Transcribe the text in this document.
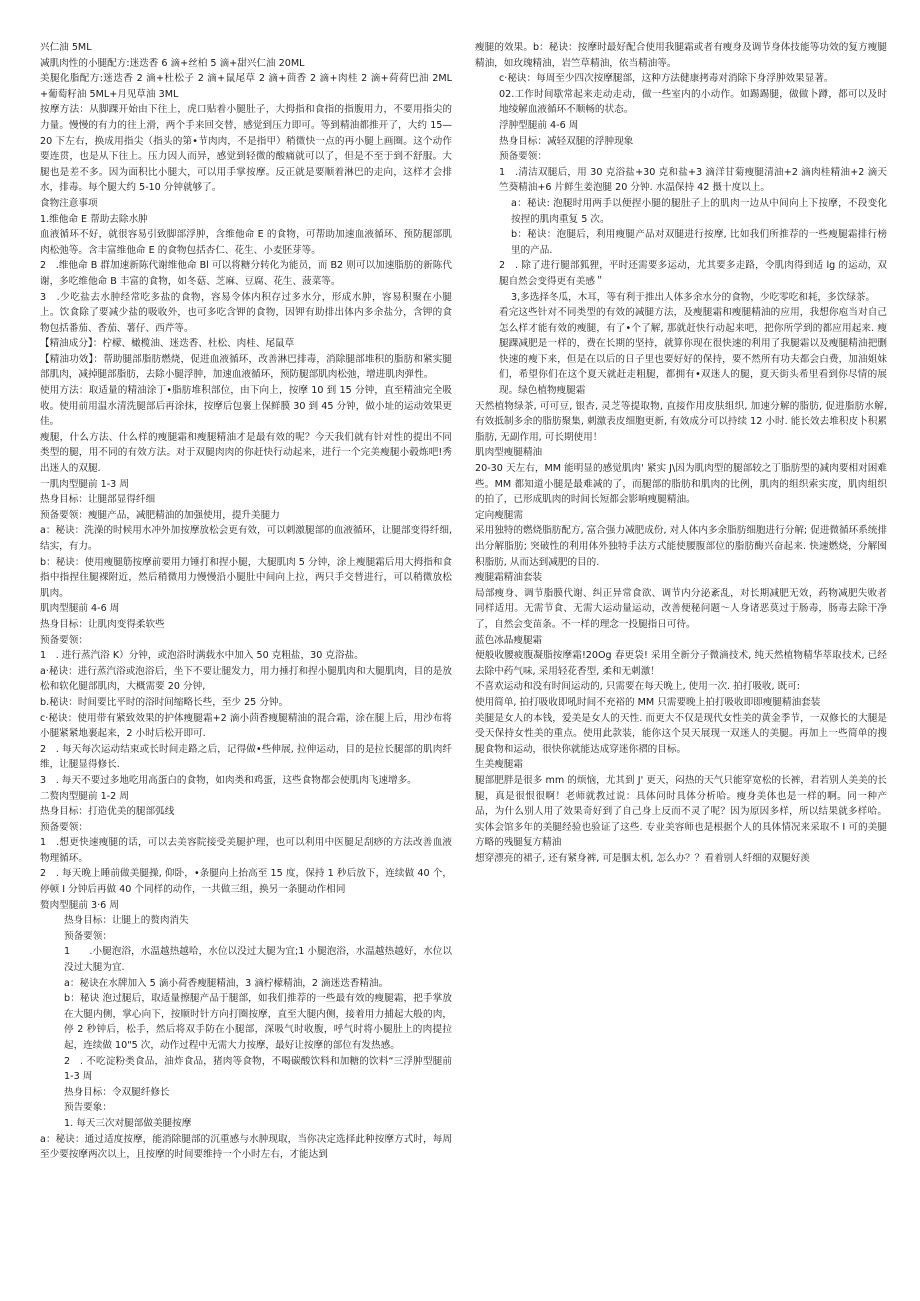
兴仁油 5ML

减肌肉性的小腿配方:迷迭香 6 滴+丝柏 5 滴+甜兴仁油 20ML

美腿化脂配方:迷迭香 2 滴+杜松子 2 滴+鼠尾草 2 滴+茴香 2 滴+肉桂 2 滴+荷荷巴油 2ML+葡萄籽油 5ML+月见草油 3ML

按摩方法：从脚踝开始由下往上，虎口贴着小腿肚子，大拇指和食指的指腹用力，不要用指尖的力量。慢慢的有力的往上滑，两个手来回交替，感觉到压力即可。等到精油都推开了，大约 15—20 下左右，换成用指尖（指头的第•节肉肉，不是指甲）稍微快一点的再小腿上画圈。这个动作要连贯，也是从下往上。压力因人而异，感觉到轻微的酸痛就可以了，但是不至于到不舒服。大腿也是差不多。因为面积比小腿大，可以用手掌按摩。反正就是要顺着淋巴的走向，这样才会排水，排毒。每个腿大约 5-10 分钟就够了。

食物注意事项

1.维他命 E 帮助去除水肿

血液循环不好，就很容易引致脚部浮肿，含维他命 E 的食物，可帮助加速血液循环、预防腿部肌肉松弛等。含丰富维他命 E 的食物包括杏仁、花生、小麦胚芽等。

2　.维他命 B 群加速新陈代谢维他命 Bl 可以将糖分转化为能员，而 B2 则可以加速脂肪的新陈代谢，多吃维他命 B 丰富的食物，如冬菇、芝麻、豆腐、花生、菠菜等。

3　.少吃盐去水肿经常吃多盐的食物，容易令体内积存过多水分，形成水肿，容易积聚在小腿上。饮食除了要减少盐的吸收外，也可多吃含钾的食物，因钾有助排出体内多余盐分，含钾的食物包括番茄、香茄、薯仔、西芹等。

【精油成分】：柠檬、橄榄油、迷迭香、杜松、肉桂、尾鼠草

【精油功效】：帮助腿部脂肪燃烧，促进血液循环，改善淋巴排毒，消除腿部堆积的脂肪和紧实腿部肌肉，减掉腿部脂肪，去除小腿浮肿，加速血液循环，预防腿部肌肉松弛，增进肌肉弹性。

使用方法：取适量的精油涂丁•脂肪堆积部位，由下向上，按摩 10 到 15 分钟，直至精油完全吸收。使用前用温水清洗腿部后再涂抹，按摩后包裹上保鲜膜 30 到 45 分钟，做小址的运动效果更佳。

瘦腿，什么方法、什么样的瘦腿霜和瘦腿精油才是最有效的呢？今天我们就有针对性的提出不同类型的腿，用不同的有效方法。对于双腿肉肉的你赶快行动起来，进行一个完美瘦腿小毂炼吧!秀出迷人的双腿.

一肌肉型腿前 1-3 周

热身目标：让腿部显得纤细

预备要领：瘦腿产品，减肥精油的加强使用，提升美腿力

a：秘诀：洗澡的时候用水冲外加按摩放松会更有效，可以刺激腿部的血液循环，让腿部变得纤细, 结实，有力。

b：秘诀：使用瘦腿筋按摩前要用力锤打和捏小腿，大腿肌肉 5 分钟，涂上瘦腿霜后用大拇指和食指中指捏住腿裸附近，然后稍微用力慢慢沿小腿肚中间向上拉，两只手交替进行，可以稍微放松肌肉。

肌肉型腿前 4-6 周

热身目标：让肌肉变得柔软些

预备要领：

1　. 进行蒸汽浴 K）分钟，或泡浴时满载水中加入 50 克粗盐，30 克浴盐。

a·秘诀：进行蒸汽浴或泡浴后，坐下不要让腿发力，用力捶打和捏小腿肌肉和大腿肌肉，目的是放松和软化腿部肌肉，大概需要 20 分钟,

b.秘诀：时间要比平时的浴时间缩略长些，至少 25 分钟。

c·秘诀：使用带有紧致效果的护体瘦腿霜+2 滴小茴香瘦腿精油的混合霜，涂在腿上后，用沙布将小腿紧紧地裹起来，2 小时后松开即可.

2　. 每天每次运动结束或长时间走路之后，记得做•些伸展, 拉伸运动，目的是拉长腿部的肌肉纤维，让腿显得修长.

3　. 每天不要过多地吃用高蛋白的食物，如肉类和鸡蛋，这些食物都会使肌肉飞速增多。

二赘肉型腿前 1-2 周

热身目标：打造优美的腿部弧线

预备要领：

1　.想更快速瘦腿的话，可以去美容院接受美腿护理，也可以利用中医腿足刮痧的方法改善血液物理循环。

2　. 每天晚上睡前做美腿操, 仰卧，•条腿向上抬高至 15 度，保持 1 秒后放下，连续做 40 个，停顿 I 分钟后再做 40 个同样的动作，一共做三组，换另一条腿动作相同

赘肉型腿前 3·6 周

热身目标：让腿上的赘肉消失

预备要领：

1　　.小腿泡浴，水温越热越哈，水位以没过大腿为宜;1 小腿泡浴，水温越热越好，水位以没过大腿为宜.

a：秘诀在水牌加入 5 滴小荷香瘦腿精油，3 滴柠檬精油，2 滴迷迭香精油。

b：秘诀 泡过腿后，取适量擦腿产品于腿部，如我们推荐的一些最有效的瘦腿霜，把手掌放在大腿内侧，掌心向下，按顺时针方向打圈按摩，直至大腿内侧，接着用力捕起大般的肉，停 2 秒钟后，松手，然后将双手防在小腿部，深吸气时收腹，呼气时将小腿肚上的肉提拉起，连续做 10"5 次，动作过程中无需大力按摩，最好让按摩的部位有发热感。

2　. 不吃淀粉类食品，油炸食品，猪肉等食物，不喝碳酸饮料和加糖的饮料“三浮肿型腿前 1-3 周

热身目标：令双腿纤修长

预告要象：

1. 每天三次对腿部做美腿按摩

a：秘诀：通过适度按摩，能消除腿部的沉重感与水肿现取，当你决定选择此种按摩方式时，每周至少要按摩两次以上，且按摩的时间要维持一个小时左右，才能达到

瘦腿的效果。b：秘诀：按摩时最好配合使用我腿霜或者有瘦身及调节身体技能等功效的复方瘦腿精油，如玫瑰精油，岩竺草精油，依当精油等。

c·秘诀：每周至少四次按摩腿部，这种方法健康拷毒对消除下身浮肿效果显著。

02.工作时间歇常起来走动走动，做一些室内的小动作。如踢踢腿，做做卜蹲，都可以及时地绫解血液循环不顺畅的状态。

浮肿型腿前 4-6 周

热身目标：减轻双腿的浮肿现象

预备要领：

1　.清洁双腿后，用 30 克浴盐+30 克和盐+3 滴洋甘菊瘦腿清油+2 滴肉桂精油+2 滴天竺葵精油+6 片鲜生姜泡腿 20 分钟. 水温保持 42 摄十度以上。

a：秘诀: 泡腿时用两手以便捏小腿的腿肚子上的肌肉一边从中间向上下按摩，不段变化按捏的肌肉重复 5 次。

b：秘诀：泡腿后，利用瘦腿产品对双腿进行按摩, 比如我们所推荐的一些瘦腿霜排行榜里的产品.

2　. 除了进行腿部狐狸，平时还需要多运动，尤其要多走路，令肌肉得到适 lg 的运动，双腿自然会变得更有美感＂

3,多选择冬瓜，木耳，等有利于推出人体多余水分的食物，少吃零吃和耗，多饮绿茶。

看完这些针对不同类型的有效的减腿方法，及瘦腿霜和瘦腿精油的应用，我想你庖当对自己怎么样才能有效的瘦腿，有了•个了解, 那就赶快行动起来吧，把你所学到的都应用起来. 瘦腿踝减肥是一样的，费在长期的坚持，就算你现在很快速的利用了我腿霜以及瘦腿精油把删快速的瘦下来，但是在以后的日子里也要好好的保持，要不然所有功夫都会白费，加油姐妹们，希望你们在这个夏天就赶走粗腿，都拥有•双迷人的腿，夏天街头希里看到你尽情的展现。绿色植物瘦腿霜

天然植物绿茶, 可可豆, 银杏, 灵芝等提取物, 直接作用皮肤组织, 加速分解的脂肪, 促进脂肪水解, 有效抵制多余的脂肪聚集, 刺激表皮细胞更新, 有效成分可以持续 12 小时. 能长效去堆积皮卜积累脂肪, 无副作用, 可长期使用！

肌肉型瘦腿精油

20-30 天左右，MM 能明显的感觉肌肉' 紧实 J\因为肌肉型的腿部较之丁脂肪型的减肉要相对困难些。MM 都知道小腿是最难减的了，而腿部的脂肪和肌肉的比例，肌肉的组织索实度，肌肉组织的拍了，已形成肌肉的时间长短都会影响瘦腿精油。

定向瘦腿需

采用独特的燃烧脂肪配方, 富合强力减肥成份, 对人体内多余脂肪细胞进行分解; 促进微循环系统排出分解脂肪; 突破性的利用体外独特手法方式能使腰腹部位的脂肪酶兴奋起来. 快速燃烧，分解囤积脂肪, 从而达到减肥的目的.

瘦腿霜精油套装

局部瘦身、调节脂膜代谢、纠正异常食欲、调节内分泌紊乱，对长期减肥无效，药物减肥失败者同样适用。无需节食、无需大运动量运动，改善便秘问题～人身诸恶莫过于肠毒，肠毒去除干净了，自然会变苗条。不一样的理念一投腿指日可待。

蓝色冰晶瘦腿霜

便般收腰疲腹凝脂按摩霜!20Og 春更袋! 采用全新分子微滴技术, 纯天然植物精华萃取技术, 已经去除中药气味, 采用轻花香型, 柔和无刺激！

不喜欢运动和没有时间运动的, 只需要在每天晚上, 使用一次. 拍打吸收, 既可:

使用简单, 拍打吸收即吼时间不充裕的 MM 只需要晚上拍打吸收即即瘦腿精油套装

美腿是女人的本钱，爱美是女人的天性. 而更大不仅是现代女性美的黄金季节，一双修长的大腿是受天保持女性美的重点。使用此款装，能你这个炅天展现一双迷人的美腿。再加上一些简单的搜腿食物和运动，很快你就能达成穿迷你褶的目标。

生美瘦腿霜

腿部肥胖是很多 mm 的烦恼，尤其到 J' 更天，闷热的天气只能穿宽松的长裤，君若别人美美的长腿，真是很恨很啊！老师就教过说：具体问时具体分析哈。瘦身美体也是一样的啊。同一种产品，为什么别人用了效果奇好到了自己身上反而不灵了呢？因为原因多样，所以结果就多样哈。实体会馆多年的美腿经验也验证了这些. 专业美容师也是根据个人的具体情况来采取不 I 可的美腿方略的残腿复方精油

想穿漂亮的裙子, 还有紧身裤, 可是胭太机, 怎么办？？看着别人纤细的双腿好羡
